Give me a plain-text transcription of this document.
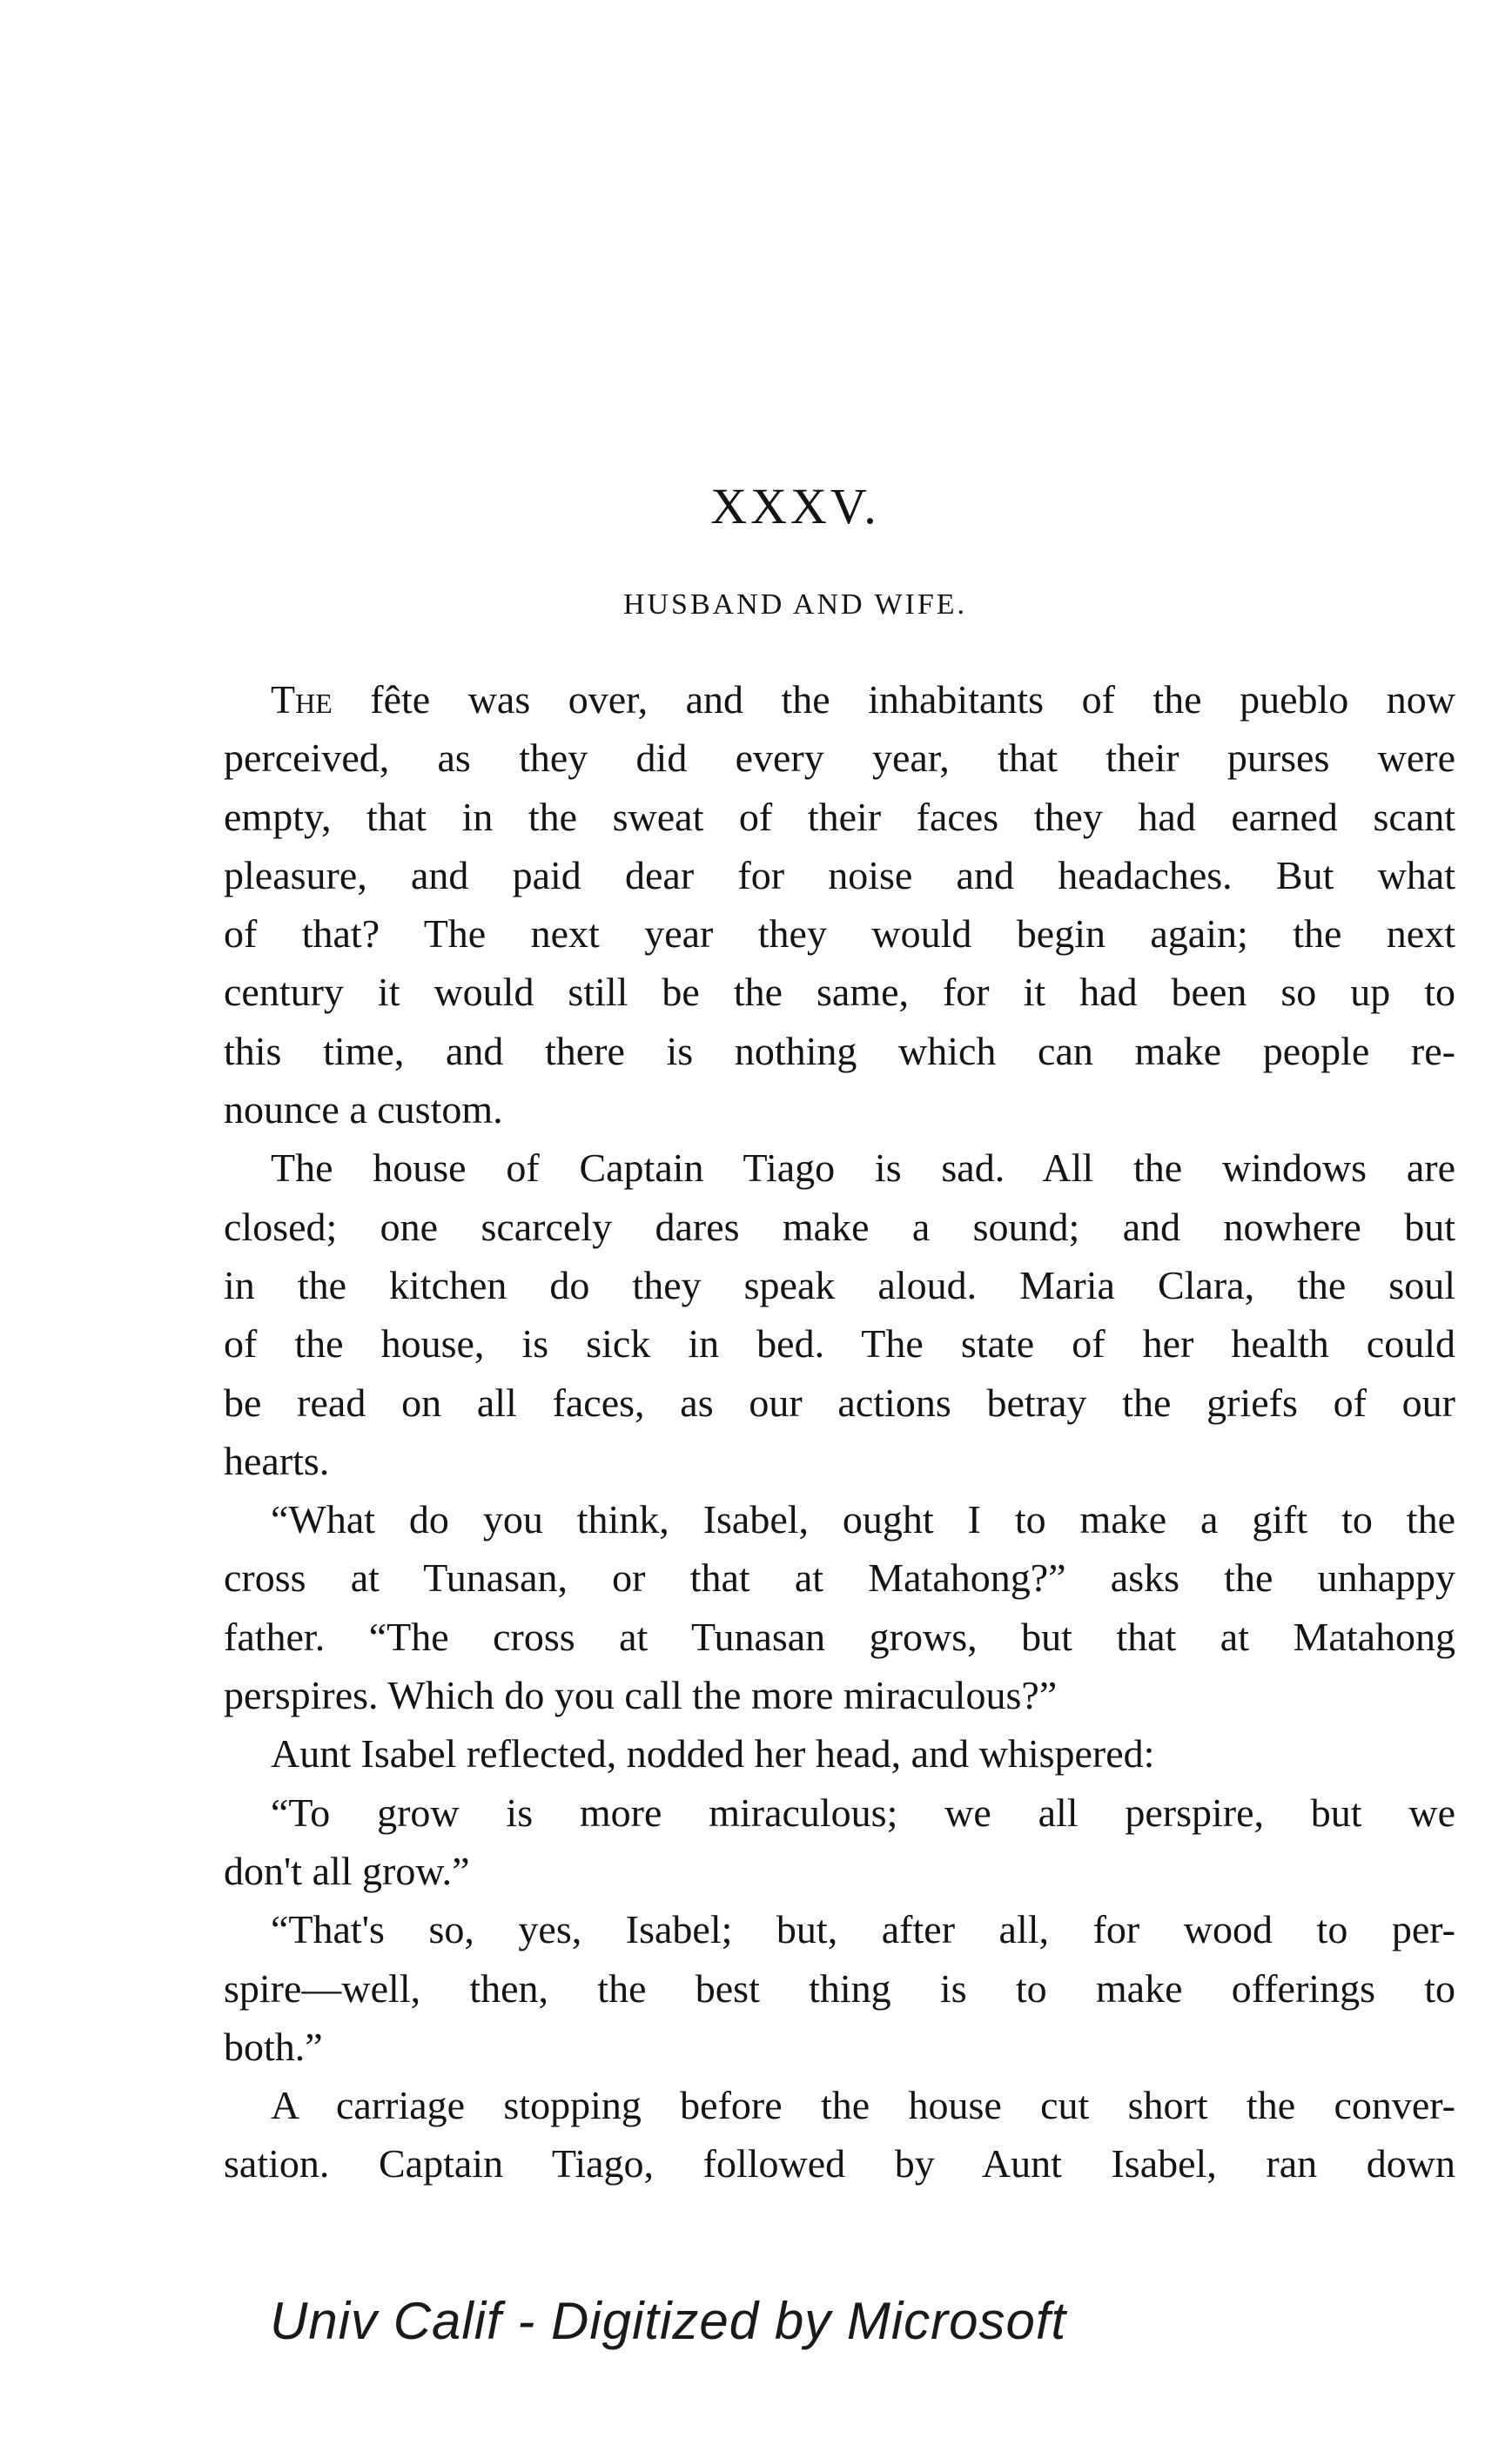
XXXV.
HUSBAND AND WIFE.
The fête was over, and the inhabitants of the pueblo now
perceived, as they did every year, that their purses were
empty, that in the sweat of their faces they had earned scant
pleasure, and paid dear for noise and headaches. But what
of that? The next year they would begin again; the next
century it would still be the same, for it had been so up to
this time, and there is nothing which can make people re-
nounce a custom.
The house of Captain Tiago is sad. All the windows are
closed; one scarcely dares make a sound; and nowhere but
in the kitchen do they speak aloud. Maria Clara, the soul
of the house, is sick in bed. The state of her health could
be read on all faces, as our actions betray the griefs of our
hearts.
“What do you think, Isabel, ought I to make a gift to the
cross at Tunasan, or that at Matahong?” asks the unhappy
father. “The cross at Tunasan grows, but that at Matahong
perspires. Which do you call the more miraculous?”
Aunt Isabel reflected, nodded her head, and whispered:
“To grow is more miraculous; we all perspire, but we
don't all grow.”
“That's so, yes, Isabel; but, after all, for wood to per-
spire—well, then, the best thing is to make offerings to
both.”
A carriage stopping before the house cut short the conver-
sation. Captain Tiago, followed by Aunt Isabel, ran down
Univ Calif - Digitized by Microsoft
